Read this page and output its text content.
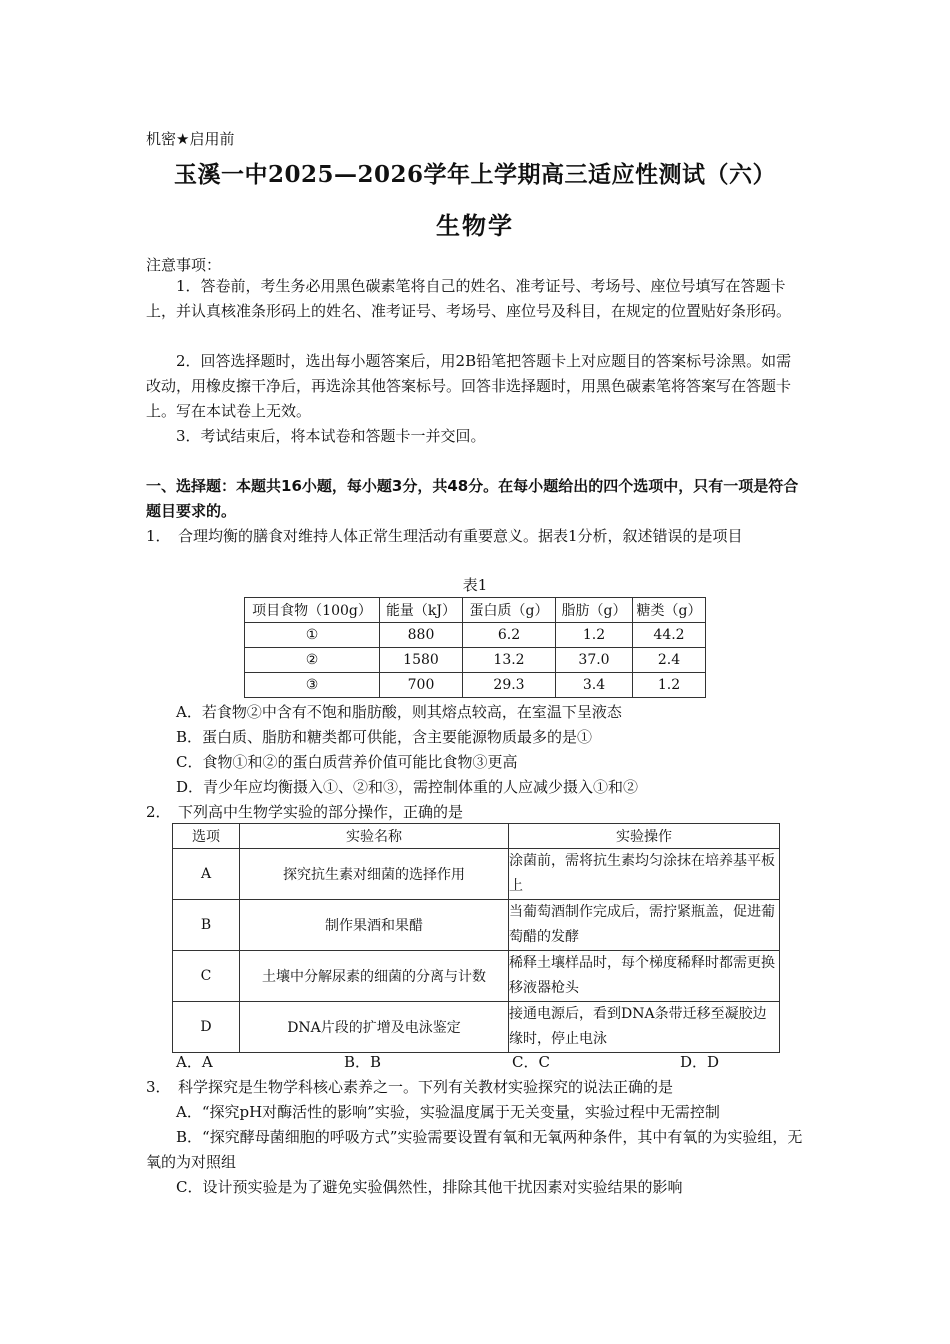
机密★启用前
玉溪一中2025—2026学年上学期高三适应性测试（六）
生物学
注意事项：

1．答卷前，考生务必用黑色碳素笔将自己的姓名、准考证号、考场号、座位号填写在答题卡上，并认真核准条形码上的姓名、准考证号、考场号、座位号及科目，在规定的位置贴好条形码。

2．回答选择题时，选出每小题答案后，用2B铅笔把答题卡上对应题目的答案标号涂黑。如需改动，用橡皮擦干净后，再选涂其他答案标号。回答非选择题时，用黑色碳素笔将答案写在答题卡上。写在本试卷上无效。

3．考试结束后，将本试卷和答题卡一并交回。

一、选择题：本题共16小题，每小题3分，共48分。在每小题给出的四个选项中，只有一项是符合题目要求的。

1． 合理均衡的膳食对维持人体正常生理活动有重要意义。据表1分析，叙述错误的是项目

表1
项目食物（100g）	能量（kJ）	蛋白质（g）	脂肪（g）	糖类（g）
①	880	6.2	1.2	44.2
②	1580	13.2	37.0	2.4
③	700	29.3	3.4	1.2

A．若食物②中含有不饱和脂肪酸，则其熔点较高，在室温下呈液态

B．蛋白质、脂肪和糖类都可供能，含主要能源物质最多的是①

C．食物①和②的蛋白质营养价值可能比食物③更高

D．青少年应均衡摄入①、②和③，需控制体重的人应减少摄入①和②

2． 下列高中生物学实验的部分操作，正确的是

选项	实验名称	实验操作
A	探究抗生素对细菌的选择作用	涂菌前，需将抗生素均匀涂抹在培养基平板上
B	制作果酒和果醋	当葡萄酒制作完成后，需拧紧瓶盖，促进葡萄醋的发酵
C	土壤中分解尿素的细菌的分离与计数	稀释土壤样品时，每个梯度稀释时都需更换移液器枪头
D	DNA片段的扩增及电泳鉴定	接通电源后，看到DNA条带迁移至凝胶边缘时，停止电泳
A．A	B．B	C．C	D．D

3． 科学探究是生物学科核心素养之一。下列有关教材实验探究的说法正确的是

A．“探究pH对酶活性的影响”实验，实验温度属于无关变量，实验过程中无需控制

B．“探究酵母菌细胞的呼吸方式”实验需要设置有氧和无氧两种条件，其中有氧的为实验组，无氧的为对照组

C．设计预实验是为了避免实验偶然性，排除其他干扰因素对实验结果的影响
